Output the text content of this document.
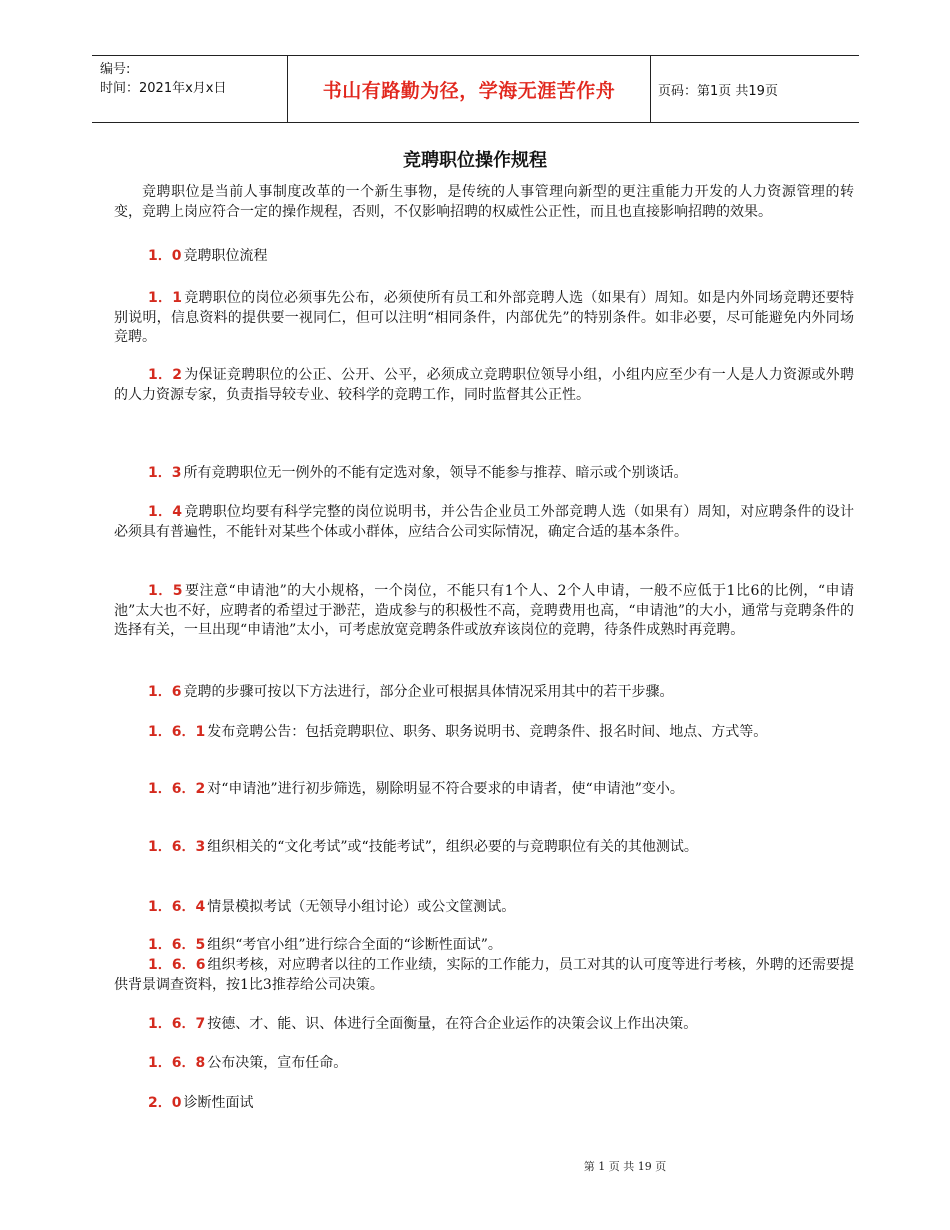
编号:
时间：2021年x月x日	书山有路勤为径，学海无涯苦作舟	页码：第1页 共19页
竞聘职位操作规程
竞聘职位是当前人事制度改革的一个新生事物，是传统的人事管理向新型的更注重能力开发的人力资源管理的转变，竞聘上岗应符合一定的操作规程，否则，不仅影响招聘的权威性公正性，而且也直接影响招聘的效果。
1．0 竞聘职位流程
1．1 竞聘职位的岗位必须事先公布，必须使所有员工和外部竞聘人选（如果有）周知。如是内外同场竞聘还要特别说明，信息资料的提供要一视同仁，但可以注明“相同条件，内部优先”的特别条件。如非必要，尽可能避免内外同场竞聘。
1．2 为保证竞聘职位的公正、公开、公平，必须成立竞聘职位领导小组，小组内应至少有一人是人力资源或外聘的人力资源专家，负责指导较专业、较科学的竞聘工作，同时监督其公正性。
1．3 所有竞聘职位无一例外的不能有定选对象，领导不能参与推荐、暗示或个别谈话。
1．4 竞聘职位均要有科学完整的岗位说明书，并公告企业员工外部竞聘人选（如果有）周知，对应聘条件的设计必须具有普遍性，不能针对某些个体或小群体，应结合公司实际情况，确定合适的基本条件。
1．5 要注意“申请池”的大小规格，一个岗位，不能只有1个人、2个人申请，一般不应低于1比6的比例，“申请池”太大也不好，应聘者的希望过于渺茫，造成参与的积极性不高，竞聘费用也高，“申请池”的大小，通常与竞聘条件的选择有关，一旦出现“申请池”太小，可考虑放宽竞聘条件或放弃该岗位的竞聘，待条件成熟时再竞聘。
1．6 竞聘的步骤可按以下方法进行，部分企业可根据具体情况采用其中的若干步骤。
1．6．1 发布竞聘公告：包括竞聘职位、职务、职务说明书、竞聘条件、报名时间、地点、方式等。
1．6．2 对“申请池”进行初步筛选，剔除明显不符合要求的申请者，使“申请池”变小。
1．6．3 组织相关的“文化考试”或“技能考试”，组织必要的与竞聘职位有关的其他测试。
1．6．4 情景模拟考试（无领导小组讨论）或公文筐测试。
1．6．5 组织“考官小组”进行综合全面的“诊断性面试”。
1．6．6 组织考核，对应聘者以往的工作业绩，实际的工作能力，员工对其的认可度等进行考核，外聘的还需要提供背景调查资料，按1比3推荐给公司决策。
1．6．7 按德、才、能、识、体进行全面衡量，在符合企业运作的决策会议上作出决策。
1．6．8 公布决策，宣布任命。
2．0 诊断性面试
第 1 页 共 19 页
